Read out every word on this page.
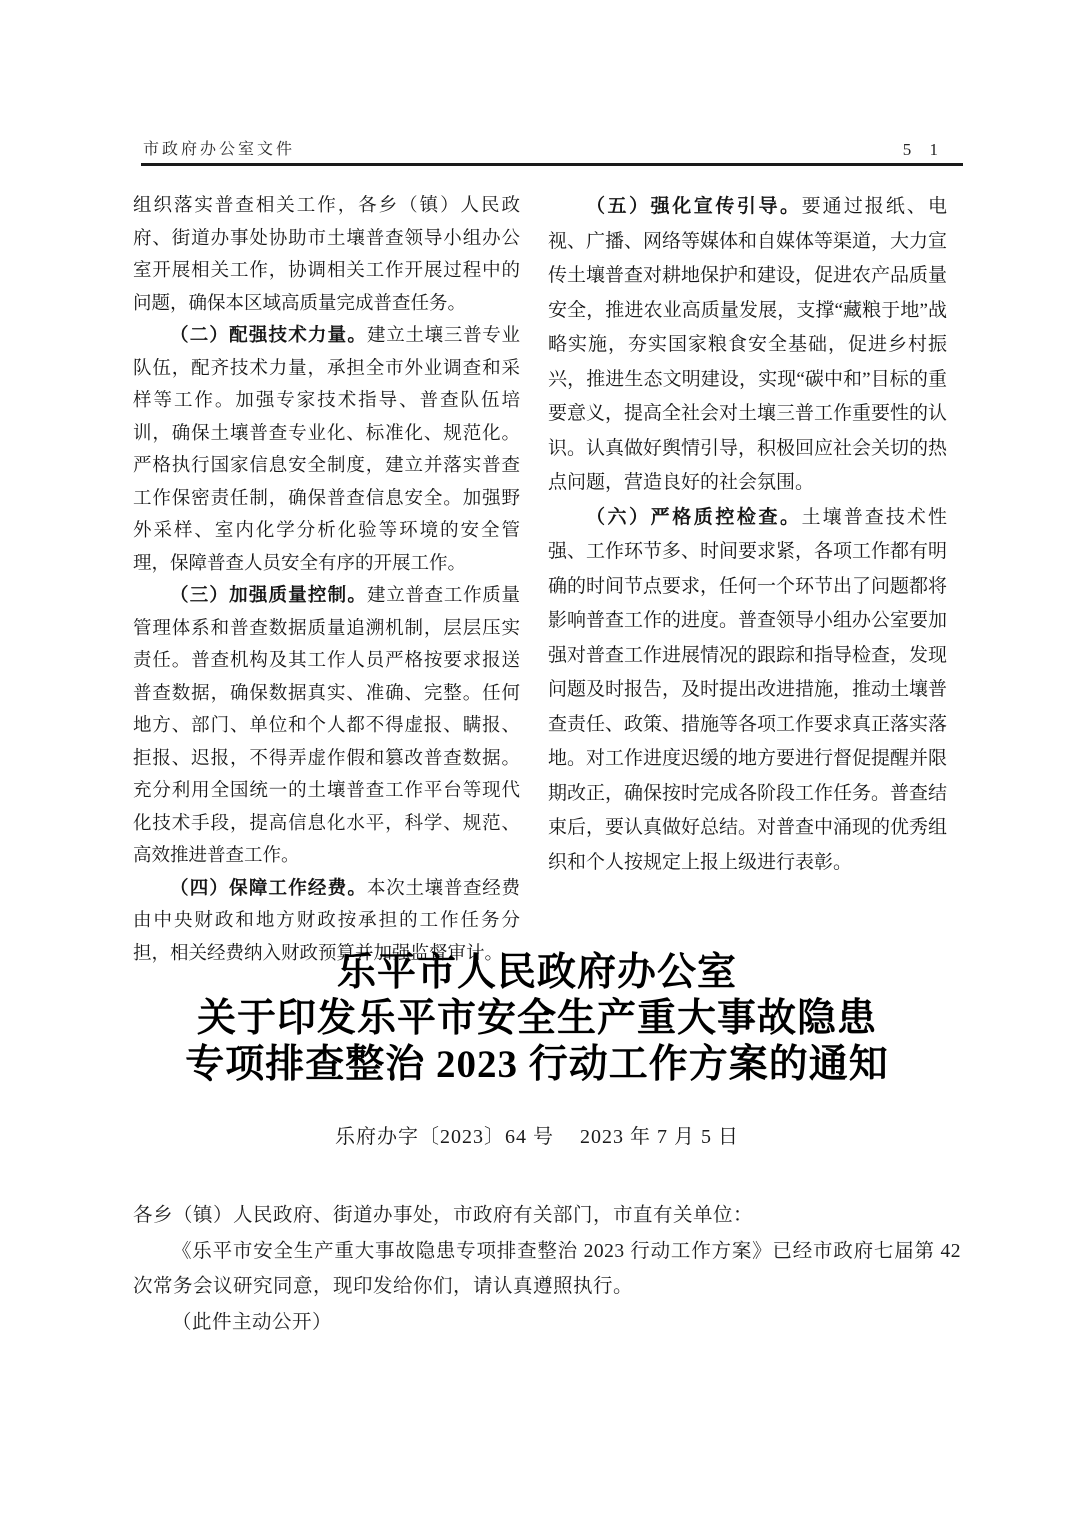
市政府办公室文件	5 1

组织落实普查相关工作，各乡（镇）人民政府、街道办事处协助市土壤普查领导小组办公室开展相关工作，协调相关工作开展过程中的问题，确保本区域高质量完成普查任务。

（二）配强技术力量。建立土壤三普专业队伍，配齐技术力量，承担全市外业调查和采样等工作。加强专家技术指导、普查队伍培训，确保土壤普查专业化、标准化、规范化。严格执行国家信息安全制度，建立并落实普查工作保密责任制，确保普查信息安全。加强野外采样、室内化学分析化验等环境的安全管理，保障普查人员安全有序的开展工作。

（三）加强质量控制。建立普查工作质量管理体系和普查数据质量追溯机制，层层压实责任。普查机构及其工作人员严格按要求报送普查数据，确保数据真实、准确、完整。任何地方、部门、单位和个人都不得虚报、瞒报、拒报、迟报，不得弄虚作假和篡改普查数据。充分利用全国统一的土壤普查工作平台等现代化技术手段，提高信息化水平，科学、规范、高效推进普查工作。

（四）保障工作经费。本次土壤普查经费由中央财政和地方财政按承担的工作任务分担，相关经费纳入财政预算并加强监督审计。

（五）强化宣传引导。要通过报纸、电视、广播、网络等媒体和自媒体等渠道，大力宣传土壤普查对耕地保护和建设，促进农产品质量安全，推进农业高质量发展，支撑“藏粮于地”战略实施，夯实国家粮食安全基础，促进乡村振兴，推进生态文明建设，实现“碳中和”目标的重要意义，提高全社会对土壤三普工作重要性的认识。认真做好舆情引导，积极回应社会关切的热点问题，营造良好的社会氛围。

（六）严格质控检查。土壤普查技术性强、工作环节多、时间要求紧，各项工作都有明确的时间节点要求，任何一个环节出了问题都将影响普查工作的进度。普查领导小组办公室要加强对普查工作进展情况的跟踪和指导检查，发现问题及时报告，及时提出改进措施，推动土壤普查责任、政策、措施等各项工作要求真正落实落地。对工作进度迟缓的地方要进行督促提醒并限期改正，确保按时完成各阶段工作任务。普查结束后，要认真做好总结。对普查中涌现的优秀组织和个人按规定上报上级进行表彰。

乐平市人民政府办公室
关于印发乐平市安全生产重大事故隐患
专项排查整治 2023 行动工作方案的通知

乐府办字〔2023〕64 号 2023 年 7 月 5 日

各乡（镇）人民政府、街道办事处，市政府有关部门，市直有关单位：

《乐平市安全生产重大事故隐患专项排查整治 2023 行动工作方案》已经市政府七届第 42 次常务会议研究同意，现印发给你们，请认真遵照执行。

（此件主动公开）
